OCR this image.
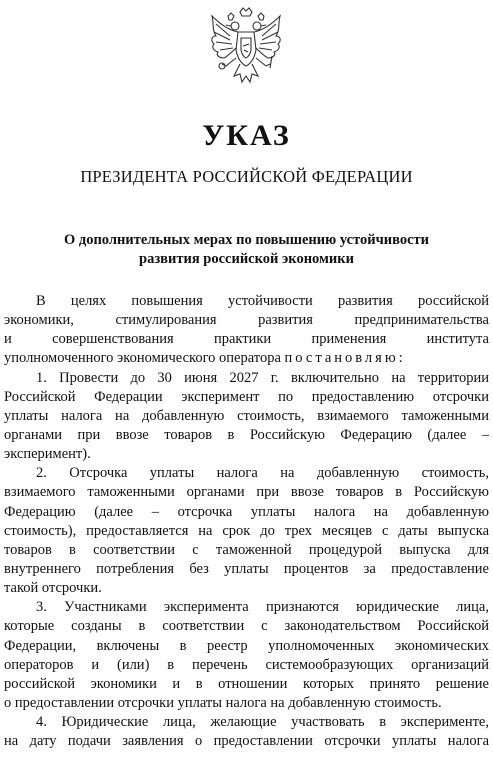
УКАЗ
ПРЕЗИДЕНТА РОССИЙСКОЙ ФЕДЕРАЦИИ
О дополнительных мерах по повышению устойчивости
развития российской экономики
В целях повышения устойчивости развития российской
экономики, стимулирования развития предпринимательства
и совершенствования практики применения института
уполномоченного экономического оператора постановляю:
1. Провести до 30 июня 2027 г. включительно на территории
Российской Федерации эксперимент по предоставлению отсрочки
уплаты налога на добавленную стоимость, взимаемого таможенными
органами при ввозе товаров в Российскую Федерацию (далее –
эксперимент).
2. Отсрочка уплаты налога на добавленную стоимость,
взимаемого таможенными органами при ввозе товаров в Российскую
Федерацию (далее – отсрочка уплаты налога на добавленную
стоимость), предоставляется на срок до трех месяцев с даты выпуска
товаров в соответствии с таможенной процедурой выпуска для
внутреннего потребления без уплаты процентов за предоставление
такой отсрочки.
3. Участниками эксперимента признаются юридические лица,
которые созданы в соответствии с законодательством Российской
Федерации, включены в реестр уполномоченных экономических
операторов и (или) в перечень системообразующих организаций
российской экономики и в отношении которых принято решение
о предоставлении отсрочки уплаты налога на добавленную стоимость.
4. Юридические лица, желающие участвовать в эксперименте,
на дату подачи заявления о предоставлении отсрочки уплаты налога
